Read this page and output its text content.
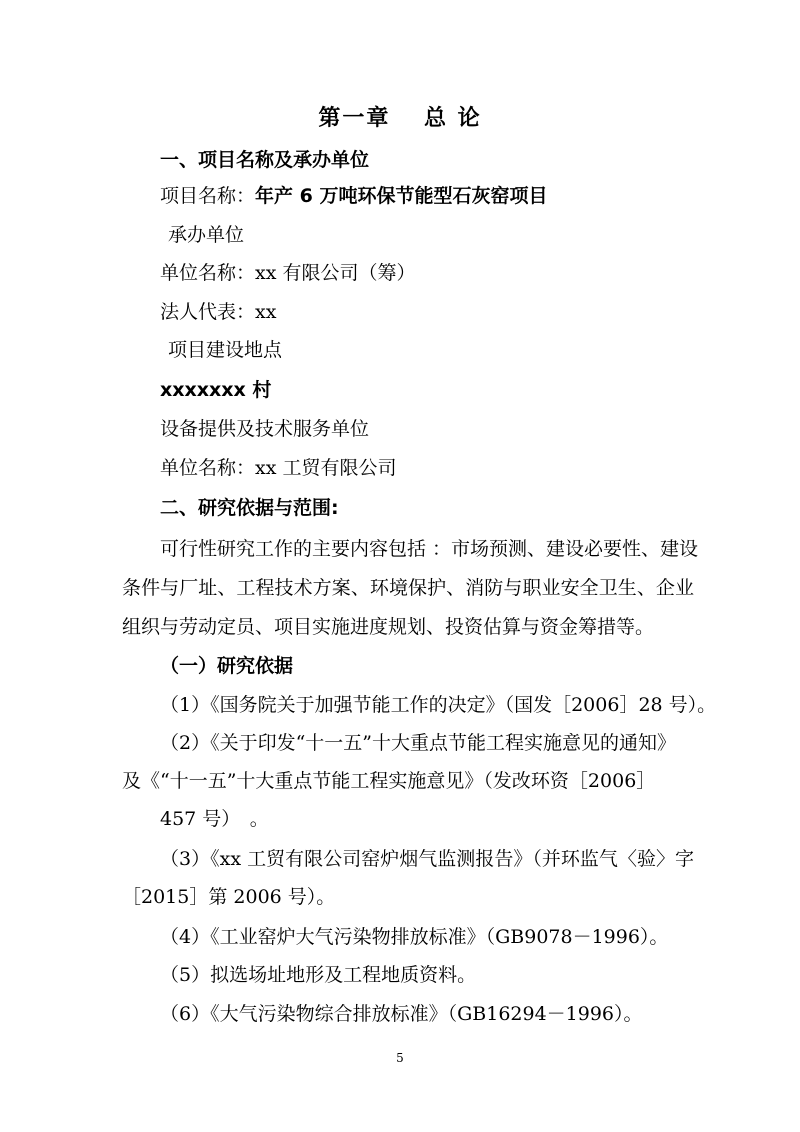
第一章　 总 论
一、项目名称及承办单位
项目名称：年产 6 万吨环保节能型石灰窑项目
承办单位
单位名称：xx 有限公司（筹）
法人代表：xx
项目建设地点
xxxxxxx 村
设备提供及技术服务单位
单位名称：xx 工贸有限公司
二、研究依据与范围:
可行性研究工作的主要内容包括 ：市场预测、建设必要性、建设
条件与厂址、工程技术方案、环境保护、消防与职业安全卫生、企业
组织与劳动定员、项目实施进度规划、投资估算与资金筹措等。
（一）研究依据
（1）《国务院关于加强节能工作的决定》（国发［2006］28 号）。
（2）《关于印发“十一五”十大重点节能工程实施意见的通知》
及《“十一五”十大重点节能工程实施意见》（发改环资［2006］
457 号）　。
（3）《xx 工贸有限公司窑炉烟气监测报告》（并环监气〈验〉字
［2015］第 2006 号）。
（4）《工业窑炉大气污染物排放标准》（GB9078－1996）。
（5）拟选场址地形及工程地质资料。
（6）《大气污染物综合排放标准》（GB16294－1996）。
5
